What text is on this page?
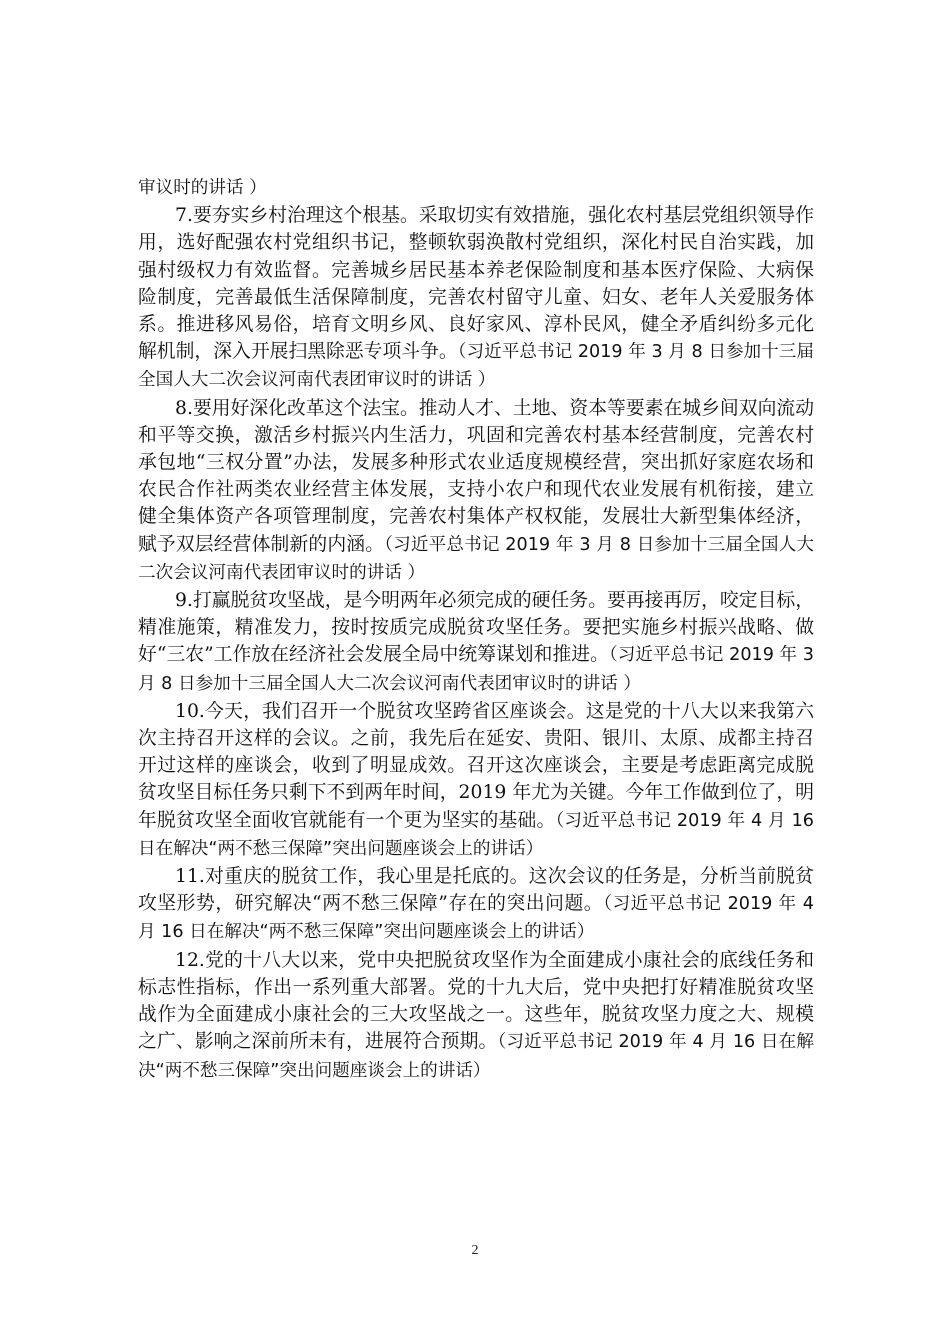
审议时的讲话 ）

7.要夯实乡村治理这个根基。采取切实有效措施，强化农村基层党组织领导作用，选好配强农村党组织书记，整顿软弱涣散村党组织，深化村民自治实践，加强村级权力有效监督。完善城乡居民基本养老保险制度和基本医疗保险、大病保险制度，完善最低生活保障制度，完善农村留守儿童、妇女、老年人关爱服务体系。推进移风易俗，培育文明乡风、良好家风、淳朴民风，健全矛盾纠纷多元化解机制，深入开展扫黑除恶专项斗争。（习近平总书记 2019 年 3 月 8 日参加十三届全国人大二次会议河南代表团审议时的讲话 ）

8.要用好深化改革这个法宝。推动人才、土地、资本等要素在城乡间双向流动和平等交换，激活乡村振兴内生活力，巩固和完善农村基本经营制度，完善农村承包地“三权分置”办法，发展多种形式农业适度规模经营，突出抓好家庭农场和农民合作社两类农业经营主体发展，支持小农户和现代农业发展有机衔接，建立健全集体资产各项管理制度，完善农村集体产权权能，发展壮大新型集体经济，赋予双层经营体制新的内涵。（习近平总书记 2019 年 3 月 8 日参加十三届全国人大二次会议河南代表团审议时的讲话 ）

9.打赢脱贫攻坚战，是今明两年必须完成的硬任务。要再接再厉，咬定目标，精准施策，精准发力，按时按质完成脱贫攻坚任务。要把实施乡村振兴战略、做好“三农”工作放在经济社会发展全局中统筹谋划和推进。（习近平总书记 2019 年 3 月 8 日参加十三届全国人大二次会议河南代表团审议时的讲话 ）

10.今天，我们召开一个脱贫攻坚跨省区座谈会。这是党的十八大以来我第六次主持召开这样的会议。之前，我先后在延安、贵阳、银川、太原、成都主持召开过这样的座谈会，收到了明显成效。召开这次座谈会，主要是考虑距离完成脱贫攻坚目标任务只剩下不到两年时间，2019 年尤为关键。今年工作做到位了，明年脱贫攻坚全面收官就能有一个更为坚实的基础。（习近平总书记 2019 年 4 月 16 日在解决“两不愁三保障”突出问题座谈会上的讲话）

11.对重庆的脱贫工作，我心里是托底的。这次会议的任务是，分析当前脱贫攻坚形势，研究解决“两不愁三保障”存在的突出问题。（习近平总书记 2019 年 4 月 16 日在解决“两不愁三保障”突出问题座谈会上的讲话）

12.党的十八大以来，党中央把脱贫攻坚作为全面建成小康社会的底线任务和标志性指标，作出一系列重大部署。党的十九大后，党中央把打好精准脱贫攻坚战作为全面建成小康社会的三大攻坚战之一。这些年，脱贫攻坚力度之大、规模之广、影响之深前所未有，进展符合预期。（习近平总书记 2019 年 4 月 16 日在解决“两不愁三保障”突出问题座谈会上的讲话）

2
